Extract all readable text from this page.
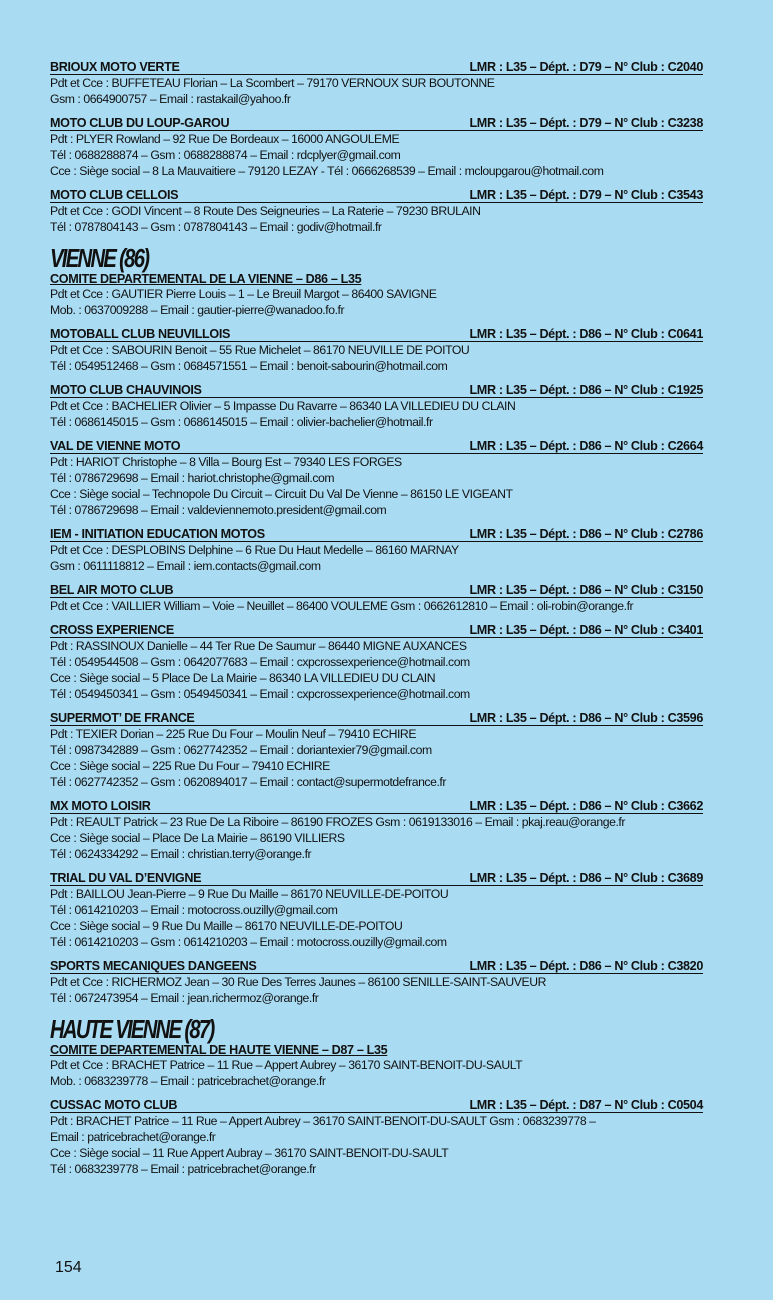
BRIOUX MOTO VERTE	LMR : L35 – Dépt. : D79 – N° Club : C2040
Pdt et Cce : BUFFETEAU Florian – La Scombert – 79170 VERNOUX SUR BOUTONNE
Gsm : 0664900757 – Email : rastakail@yahoo.fr
MOTO CLUB DU LOUP-GAROU	LMR : L35 – Dépt. : D79 – N° Club : C3238
Pdt : PLYER Rowland – 92 Rue De Bordeaux – 16000 ANGOULEME
Tél : 0688288874 – Gsm : 0688288874 – Email : rdcplyer@gmail.com
Cce : Siège social – 8 La Mauvaitiere – 79120 LEZAY - Tél : 0666268539 – Email : mcloupgarou@hotmail.com
MOTO CLUB CELLOIS	LMR : L35 – Dépt. : D79 – N° Club : C3543
Pdt et Cce : GODI Vincent – 8 Route Des Seigneuries – La Raterie – 79230 BRULAIN
Tél : 0787804143 – Gsm : 0787804143 – Email : godiv@hotmail.fr
VIENNE (86)
COMITE DEPARTEMENTAL DE LA VIENNE – D86 – L35
Pdt et Cce : GAUTIER Pierre Louis – 1 – Le Breuil Margot – 86400 SAVIGNE
Mob. : 0637009288 – Email : gautier-pierre@wanadoo.fo.fr
MOTOBALL CLUB NEUVILLOIS	LMR : L35 – Dépt. : D86 – N° Club : C0641
Pdt et Cce : SABOURIN Benoit – 55 Rue Michelet – 86170 NEUVILLE DE POITOU
Tél : 0549512468 – Gsm : 0684571551 – Email : benoit-sabourin@hotmail.com
MOTO CLUB CHAUVINOIS	LMR : L35 – Dépt. : D86 – N° Club : C1925
Pdt et Cce : BACHELIER Olivier – 5 Impasse Du Ravarre – 86340 LA VILLEDIEU DU CLAIN
Tél : 0686145015 – Gsm : 0686145015 – Email : olivier-bachelier@hotmail.fr
VAL DE VIENNE MOTO	LMR : L35 – Dépt. : D86 – N° Club : C2664
Pdt : HARIOT Christophe – 8 Villa – Bourg Est – 79340 LES FORGES
Tél : 0786729698 – Email : hariot.christophe@gmail.com
Cce : Siège social – Technopole Du Circuit – Circuit Du Val De Vienne – 86150 LE VIGEANT
Tél : 0786729698 – Email : valdeviennemoto.president@gmail.com
IEM - INITIATION EDUCATION MOTOS	LMR : L35 – Dépt. : D86 – N° Club : C2786
Pdt et Cce : DESPLOBINS Delphine – 6 Rue Du Haut Medelle – 86160 MARNAY
Gsm : 0611118812 – Email : iem.contacts@gmail.com
BEL AIR MOTO CLUB	LMR : L35 – Dépt. : D86 – N° Club : C3150
Pdt et Cce : VAILLIER William – Voie – Neuillet – 86400 VOULEME Gsm : 0662612810 – Email : oli-robin@orange.fr
CROSS EXPERIENCE	LMR : L35 – Dépt. : D86 – N° Club : C3401
Pdt : RASSINOUX Danielle – 44 Ter Rue De Saumur – 86440 MIGNE AUXANCES
Tél : 0549544508 – Gsm : 0642077683 – Email : cxpcrossexperience@hotmail.com
Cce : Siège social – 5 Place De La Mairie – 86340 LA VILLEDIEU DU CLAIN
Tél : 0549450341 – Gsm : 0549450341 – Email : cxpcrossexperience@hotmail.com
SUPERMOT’ DE FRANCE	LMR : L35 – Dépt. : D86 – N° Club : C3596
Pdt : TEXIER Dorian – 225 Rue Du Four – Moulin Neuf – 79410 ECHIRE
Tél : 0987342889 – Gsm : 0627742352 – Email : doriantexier79@gmail.com
Cce : Siège social – 225 Rue Du Four – 79410 ECHIRE
Tél : 0627742352 – Gsm : 0620894017 – Email : contact@supermotdefrance.fr
MX MOTO LOISIR	LMR : L35 – Dépt. : D86 – N° Club : C3662
Pdt : REAULT Patrick – 23 Rue De La Riboire – 86190 FROZES Gsm : 0619133016 – Email : pkaj.reau@orange.fr
Cce : Siège social – Place De La Mairie – 86190 VILLIERS
Tél : 0624334292 – Email : christian.terry@orange.fr
TRIAL DU VAL D’ENVIGNE	LMR : L35 – Dépt. : D86 – N° Club : C3689
Pdt : BAILLOU Jean-Pierre – 9 Rue Du Maille – 86170 NEUVILLE-DE-POITOU
Tél : 0614210203 – Email : motocross.ouzilly@gmail.com
Cce : Siège social – 9 Rue Du Maille – 86170 NEUVILLE-DE-POITOU
Tél : 0614210203 – Gsm : 0614210203 – Email : motocross.ouzilly@gmail.com
SPORTS MECANIQUES DANGEENS	LMR : L35 – Dépt. : D86 – N° Club : C3820
Pdt et Cce : RICHERMOZ Jean – 30 Rue Des Terres Jaunes – 86100 SENILLE-SAINT-SAUVEUR
Tél : 0672473954 – Email : jean.richermoz@orange.fr
HAUTE VIENNE (87)
COMITE DEPARTEMENTAL DE HAUTE VIENNE – D87 – L35
Pdt et Cce : BRACHET Patrice – 11 Rue – Appert Aubrey – 36170 SAINT-BENOIT-DU-SAULT
Mob. : 0683239778 – Email : patricebrachet@orange.fr
CUSSAC MOTO CLUB	LMR : L35 – Dépt. : D87 – N° Club : C0504
Pdt : BRACHET Patrice – 11 Rue – Appert Aubrey – 36170 SAINT-BENOIT-DU-SAULT Gsm : 0683239778 –
Email : patricebrachet@orange.fr
Cce : Siège social – 11 Rue Appert Aubray – 36170 SAINT-BENOIT-DU-SAULT
Tél : 0683239778 – Email : patricebrachet@orange.fr
154
